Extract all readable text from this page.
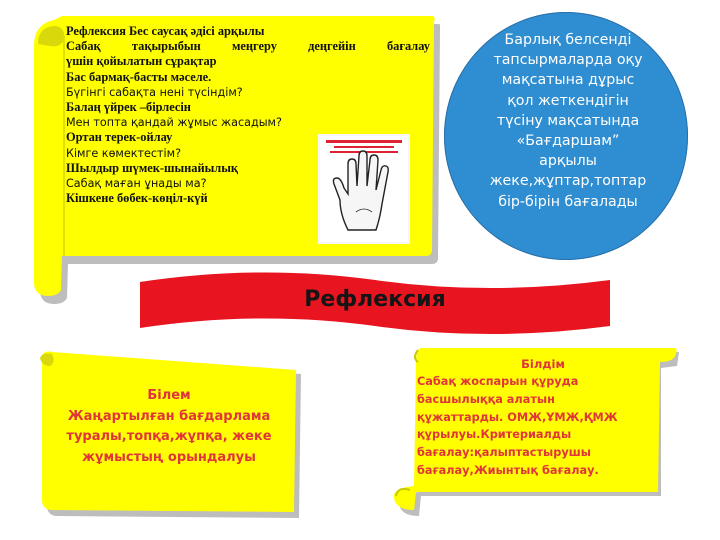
Рефлексия Бес саусақ әдісі арқылы
Сабақ тақырыбын меңгеру деңгейін бағалау
үшін қойылатын сұрақтар
Бас бармақ-басты мәселе.
Бүгінгі сабақта нені түсіндім?
Балаң үйрек –бірлесін
Мен топта қандай жұмыс жасадым?
Ортан терек-ойлау
Кімге көмектестім?
Шылдыр шүмек-шынайылық
Сабақ маған ұнады ма?
Кішкене бөбек-көңіл-күй
Барлық белсенді
тапсырмаларда оқу
мақсатына дұрыс
қол жеткендігін
түсіну мақсатында
«Бағдаршам”
арқылы
жеке,жұптар,топтар
бір-бірін бағалады
Рефлексия
Білем
Жаңартылған бағдарлама
туралы,топқа,жұпқа, жеке
жұмыстың орындалуы
Білдім
Сабақ жоспарын құруда
басшылыққа алатын
құжаттарды. ОМЖ,ҰМЖ,ҚМЖ
құрылуы.Критериалды
бағалау:қалыптастырушы
бағалау,Жиынтық бағалау.
